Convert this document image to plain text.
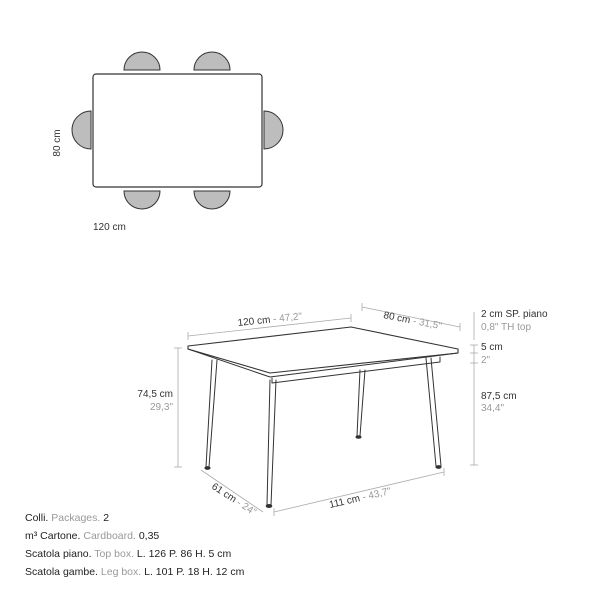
120 cm
80 cm
120 cm - 47,2"	80 cm - 31,5"
2 cm SP. piano
0,8" TH top
5 cm
2"
87,5 cm
34,4"
74,5 cm
29,3"
61 cm - 24"	111 cm - 43,7"
Colli. Packages. 2
m³ Cartone. Cardboard. 0,35
Scatola piano. Top box. L. 126 P. 86 H. 5 cm
Scatola gambe. Leg box. L. 101 P. 18 H. 12 cm
